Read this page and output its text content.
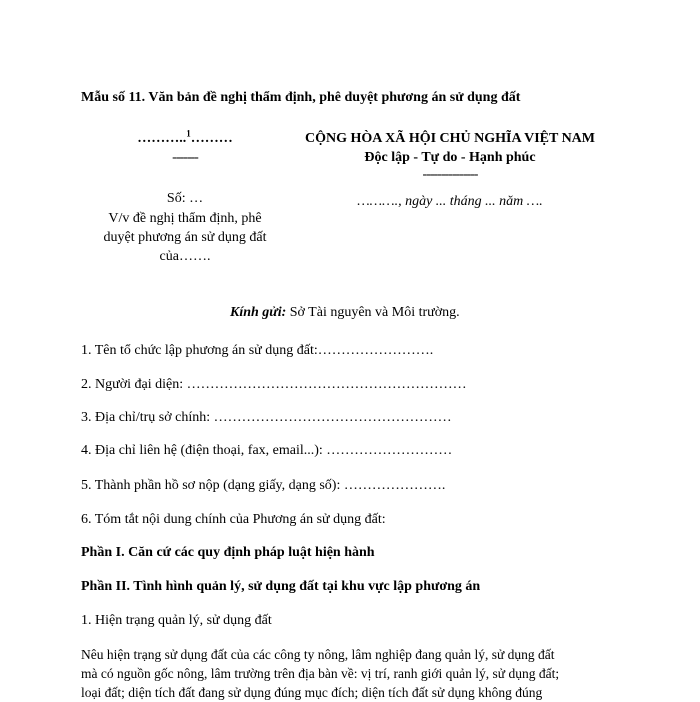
Mẫu số 11. Văn bản đề nghị thẩm định, phê duyệt phương án sử dụng đất
………..$^1$………
-------
Số: …
V/v đề nghị thẩm định, phê
duyệt phương án sử dụng đất
của…….
CỘNG HÒA XÃ HỘI CHỦ NGHĨA VIỆT NAM
Độc lập - Tự do - Hạnh phúc
---------------
………., ngày ... tháng ... năm ….
Kính gửi: Sở Tài nguyên và Môi trường.
1. Tên tổ chức lập phương án sử dụng đất:…………………….
2. Người đại diện: ……………………………………………………
3. Địa chỉ/trụ sở chính: ……………………………………………
4. Địa chỉ liên hệ (điện thoại, fax, email...): ………………………
5. Thành phần hồ sơ nộp (dạng giấy, dạng số): ………………….
6. Tóm tắt nội dung chính của Phương án sử dụng đất:
Phần I. Căn cứ các quy định pháp luật hiện hành
Phần II. Tình hình quản lý, sử dụng đất tại khu vực lập phương án
1. Hiện trạng quản lý, sử dụng đất
Nêu hiện trạng sử dụng đất của các công ty nông, lâm nghiệp đang quản lý, sử dụng đất
mà có nguồn gốc nông, lâm trường trên địa bàn về: vị trí, ranh giới quản lý, sử dụng đất;
loại đất; diện tích đất đang sử dụng đúng mục đích; diện tích đất sử dụng không đúng
